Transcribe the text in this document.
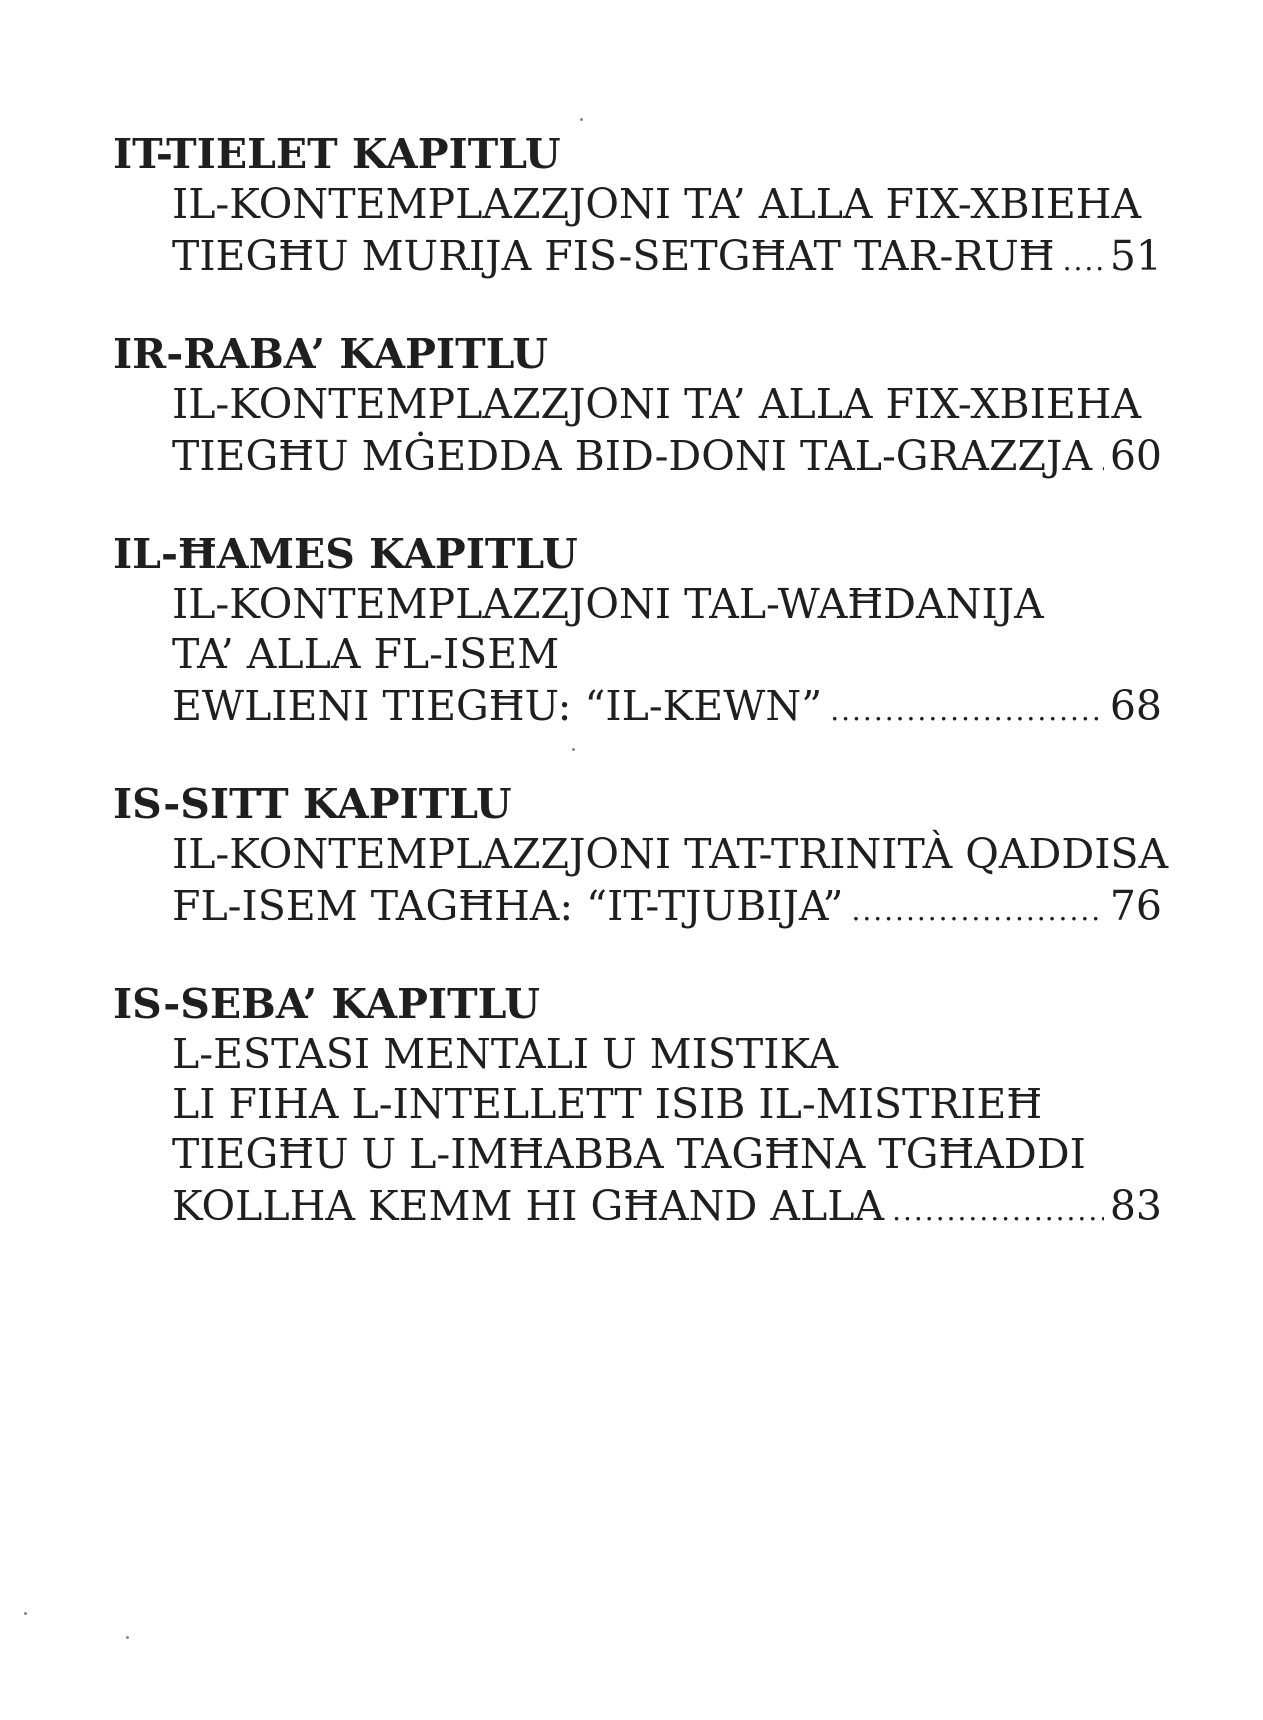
IT-TIELET KAPITLU
IL-KONTEMPLAZZJONI TA’ ALLA FIX-XBIEHA
TIEGĦU MURIJA FIS-SETGĦAT TAR-RUĦ ..... 51
IR-RABA’ KAPITLU
IL-KONTEMPLAZZJONI TA’ ALLA FIX-XBIEHA
TIEGĦU MĠEDDA BID-DONI TAL-GRAZZJA ..... 60
IL-ĦAMES KAPITLU
IL-KONTEMPLAZZJONI TAL-WAĦDANIJA
TA’ ALLA FL-ISEM
EWLIENI TIEGĦU: “IL-KEWN” .....	68
IS-SITT KAPITLU
IL-KONTEMPLAZZJONI TAT-TRINITÀ QADDISA
FL-ISEM TAGĦHA: “IT-TJUBIJA” .....	76
IS-SEBA’ KAPITLU
L-ESTASI MENTALI U MISTIKA
LI FIHA L-INTELLETT ISIB IL-MISTRIEĦ
TIEGĦU U L-IMĦABBA TAGĦNA TGĦADDI
KOLLHA KEMM HI GĦAND ALLA .....	83
